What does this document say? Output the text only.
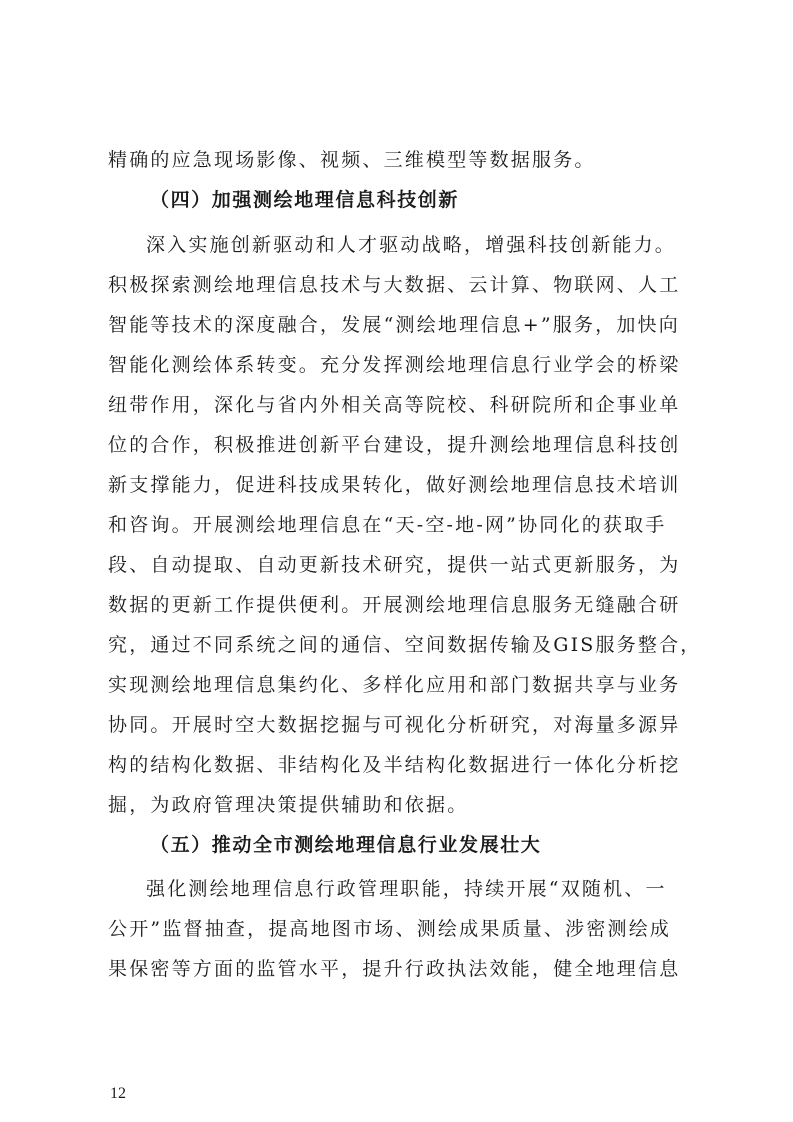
精确的应急现场影像、视频、三维模型等数据服务。
（四）加强测绘地理信息科技创新
深入实施创新驱动和人才驱动战略，增强科技创新能力。
积极探索测绘地理信息技术与大数据、云计算、物联网、人工
智能等技术的深度融合，发展“测绘地理信息+”服务，加快向
智能化测绘体系转变。充分发挥测绘地理信息行业学会的桥梁
纽带作用，深化与省内外相关高等院校、科研院所和企事业单
位的合作，积极推进创新平台建设，提升测绘地理信息科技创
新支撑能力，促进科技成果转化，做好测绘地理信息技术培训
和咨询。开展测绘地理信息在“天-空-地-网”协同化的获取手
段、自动提取、自动更新技术研究，提供一站式更新服务，为
数据的更新工作提供便利。开展测绘地理信息服务无缝融合研
究，通过不同系统之间的通信、空间数据传输及GIS服务整合，
实现测绘地理信息集约化、多样化应用和部门数据共享与业务
协同。开展时空大数据挖掘与可视化分析研究，对海量多源异
构的结构化数据、非结构化及半结构化数据进行一体化分析挖
掘，为政府管理决策提供辅助和依据。
（五）推动全市测绘地理信息行业发展壮大
强化测绘地理信息行政管理职能，持续开展“双随机、一
公开”监督抽查，提高地图市场、测绘成果质量、涉密测绘成
果保密等方面的监管水平，提升行政执法效能，健全地理信息
12
